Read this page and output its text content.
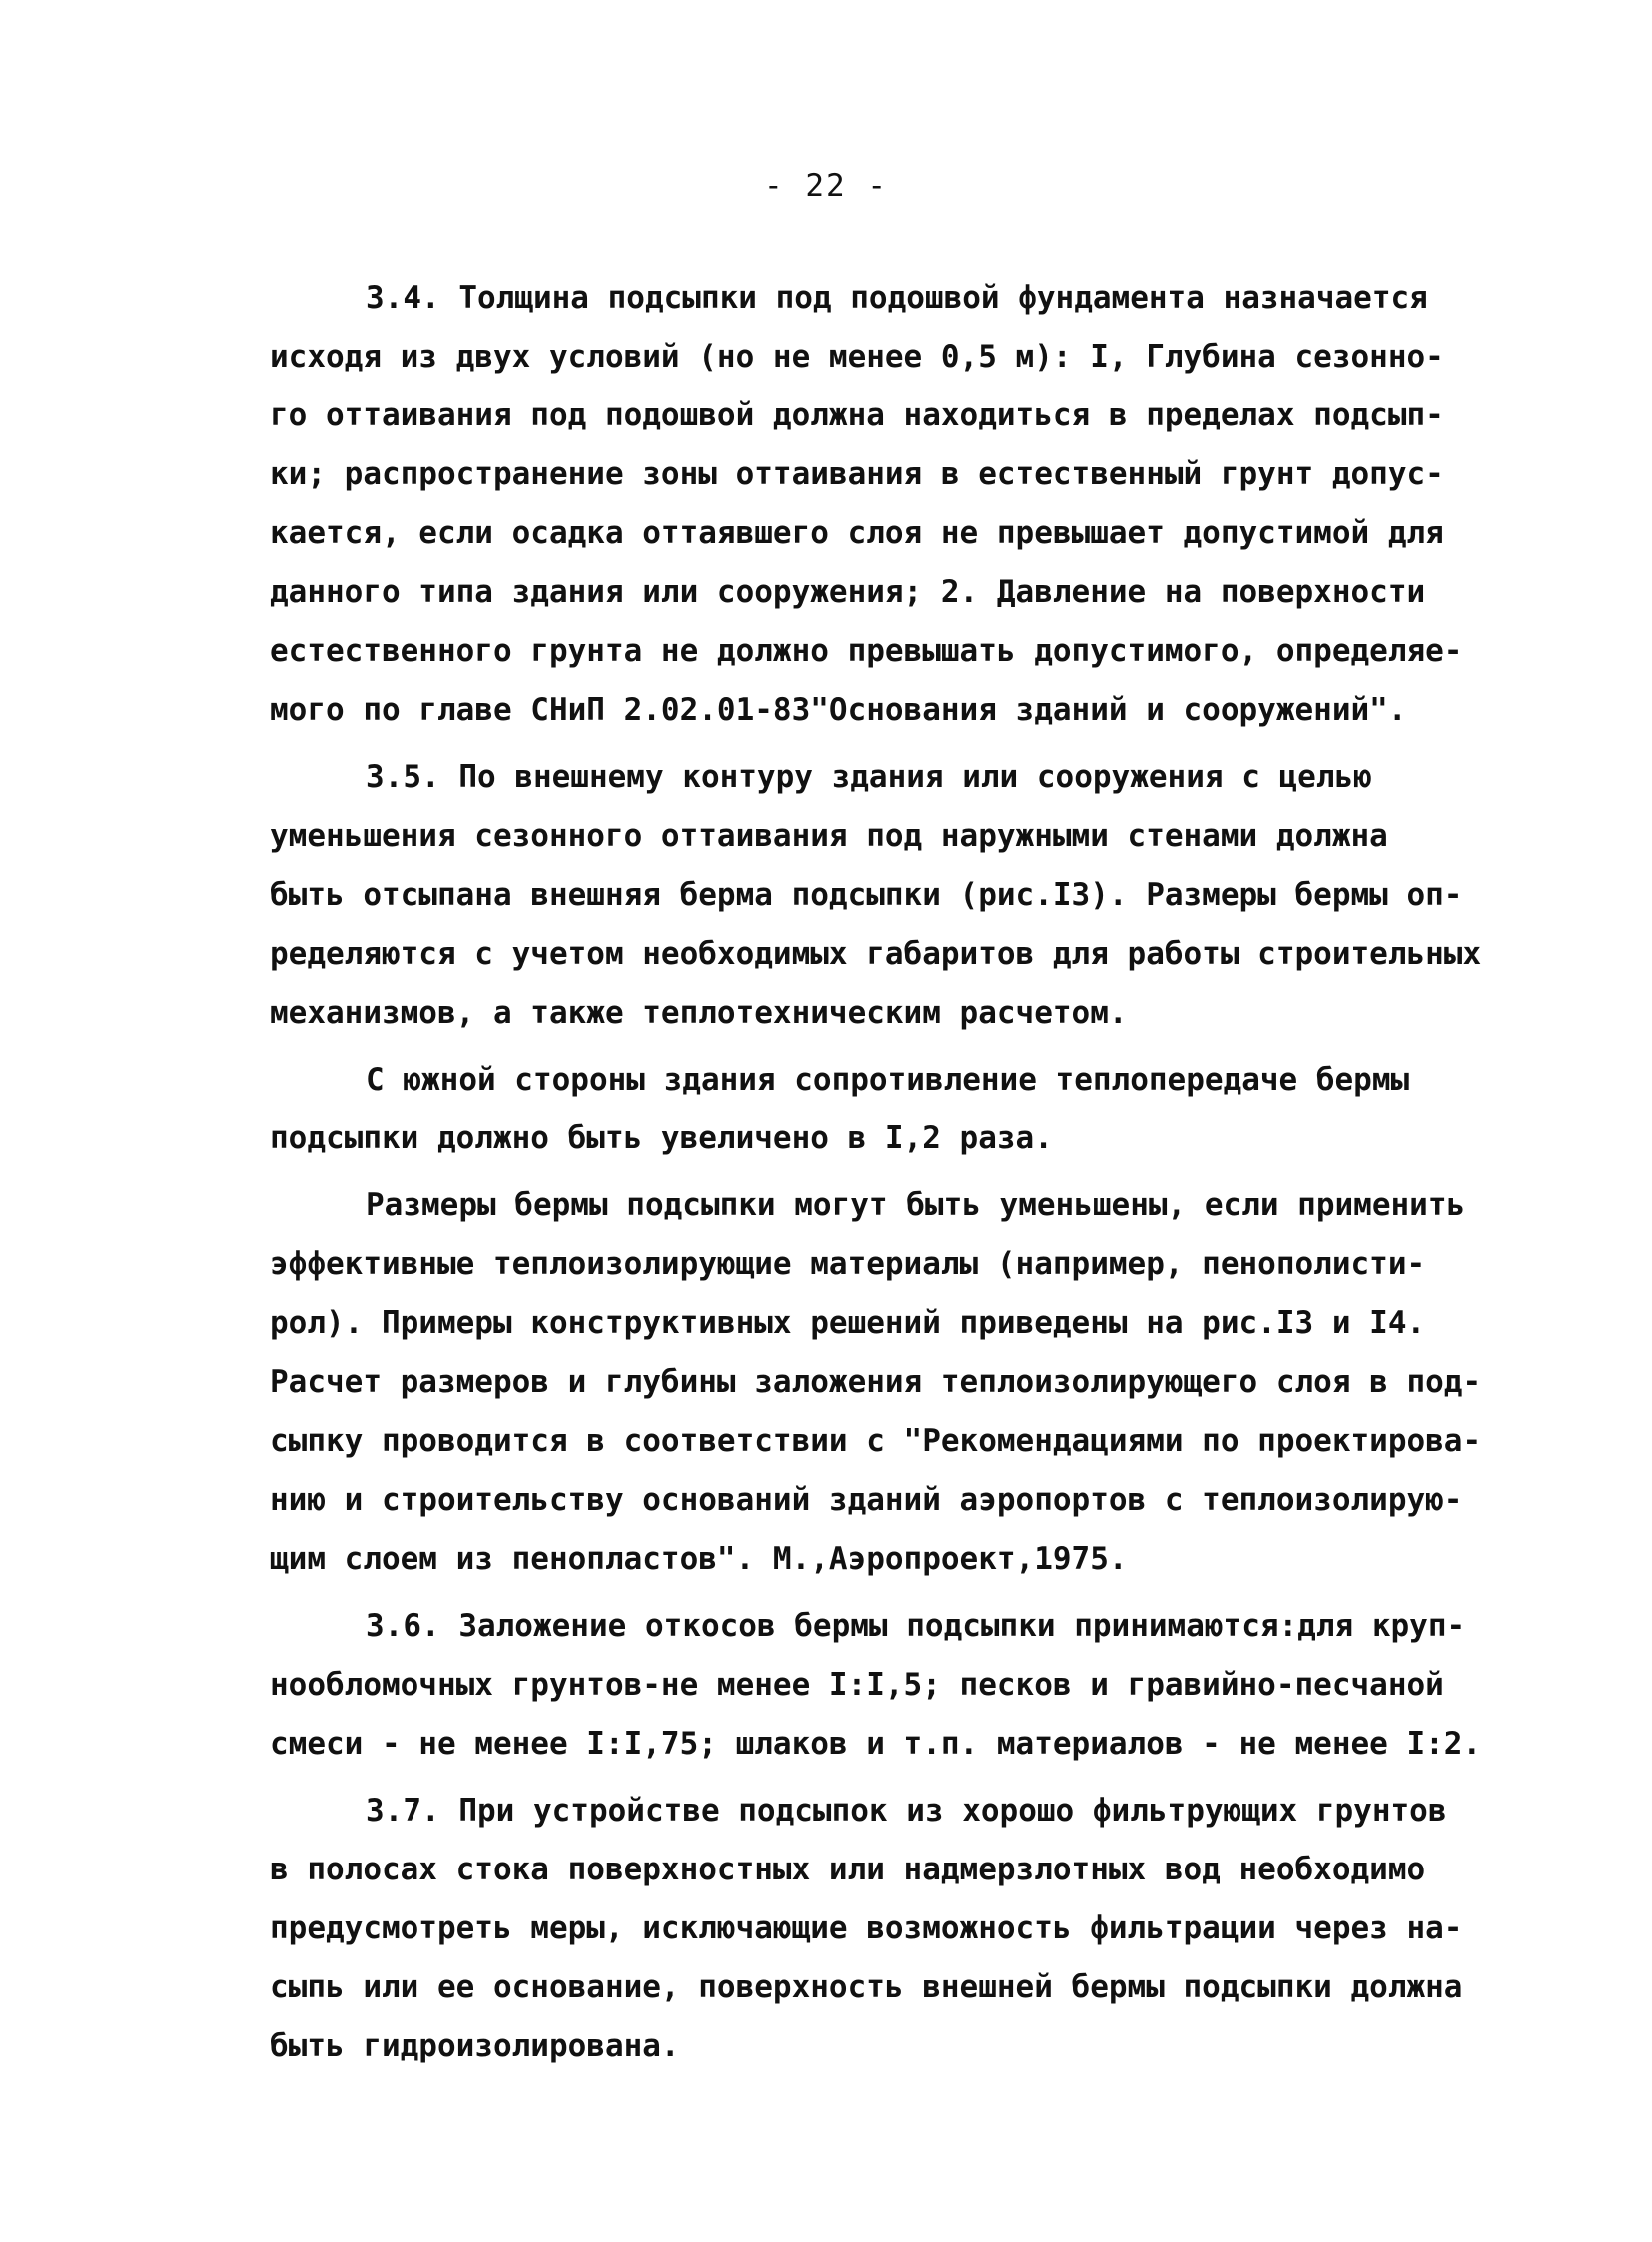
- 22 -
3.4. Толщина подсыпки под подошвой фундамента назначается
исходя из двух условий (но не менее 0,5 м): I, Глубина сезонно-
го оттаивания под подошвой должна находиться в пределах подсып-
ки; распространение зоны оттаивания в естественный грунт допус-
кается, если осадка оттаявшего слоя не превышает допустимой для
данного типа здания или сооружения; 2. Давление на поверхности
естественного грунта не должно превышать допустимого, определяе-
мого по главе СНиП 2.02.01-83"Основания зданий и сооружений".
3.5. По внешнему контуру здания или сооружения с целью
уменьшения сезонного оттаивания под наружными стенами должна
быть отсыпана внешняя берма подсыпки (рис.I3). Размеры бермы оп-
ределяются с учетом необходимых габаритов для работы строительных
механизмов, а также теплотехническим расчетом.
С южной стороны здания сопротивление теплопередаче бермы
подсыпки должно быть увеличено в I,2 раза.
Размеры бермы подсыпки могут быть уменьшены, если применить
эффективные теплоизолирующие материалы (например, пенополисти-
рол). Примеры конструктивных решений приведены на рис.I3 и I4.
Расчет размеров и глубины заложения теплоизолирующего слоя в под-
сыпку проводится в соответствии с "Рекомендациями по проектирова-
нию и строительству оснований зданий аэропортов с теплоизолирую-
щим слоем из пенопластов". М.,Аэропроект,1975.
3.6. Заложение откосов бермы подсыпки принимаются:для круп-
нообломочных грунтов-не менее I:I,5; песков и гравийно-песчаной
смеси - не менее I:I,75; шлаков и т.п. материалов - не менее I:2.
3.7. При устройстве подсыпок из хорошо фильтрующих грунтов
в полосах стока поверхностных или надмерзлотных вод необходимо
предусмотреть меры, исключающие возможность фильтрации через на-
сыпь или ее основание, поверхность внешней бермы подсыпки должна
быть гидроизолирована.
